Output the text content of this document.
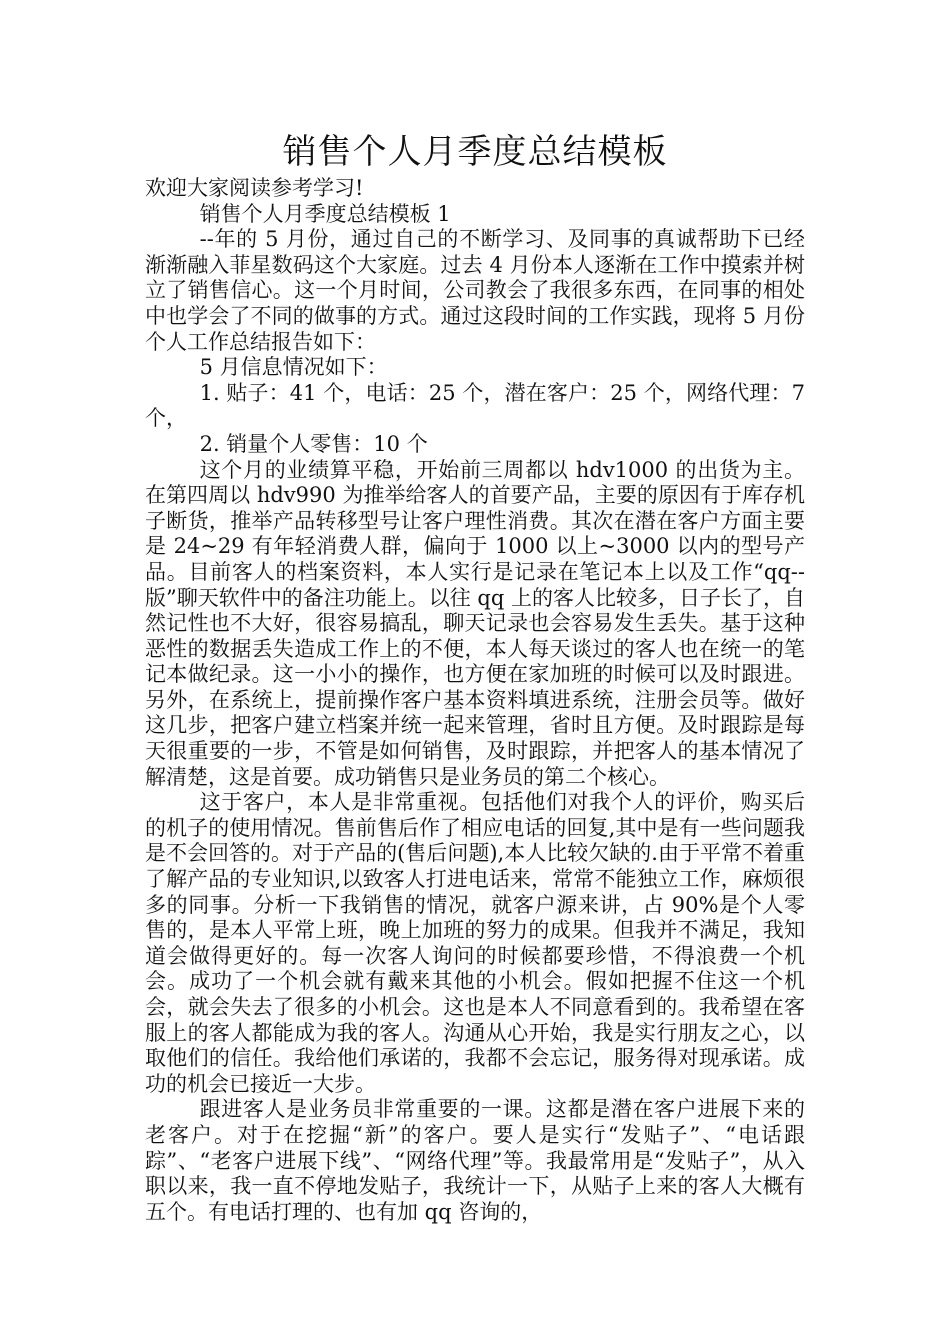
销售个人月季度总结模板

欢迎大家阅读参考学习!

销售个人月季度总结模板 1

--年的 5 月份，通过自己的不断学习、及同事的真诚帮助下已经渐渐融入菲星数码这个大家庭。过去 4 月份本人逐渐在工作中摸索并树立了销售信心。这一个月时间，公司教会了我很多东西，在同事的相处中也学会了不同的做事的方式。通过这段时间的工作实践，现将 5 月份个人工作总结报告如下：

5 月信息情况如下：

1. 贴子：41 个，电话：25 个，潜在客户：25 个，网络代理：7 个，

2. 销量个人零售：10 个

这个月的业绩算平稳，开始前三周都以 hdv1000 的出货为主。在第四周以 hdv990 为推举给客人的首要产品，主要的原因有于库存机子断货，推举产品转移型号让客户理性消费。其次在潜在客户方面主要是 24~29 有年轻消费人群，偏向于 1000 以上~3000 以内的型号产品。目前客人的档案资料，本人实行是记录在笔记本上以及工作“qq--版”聊天软件中的备注功能上。以往 qq 上的客人比较多，日子长了，自然记性也不大好，很容易搞乱，聊天记录也会容易发生丢失。基于这种恶性的数据丢失造成工作上的不便，本人每天谈过的客人也在统一的笔记本做纪录。这一小小的操作，也方便在家加班的时候可以及时跟进。另外，在系统上，提前操作客户基本资料填进系统，注册会员等。做好这几步，把客户建立档案并统一起来管理，省时且方便。及时跟踪是每天很重要的一步，不管是如何销售，及时跟踪，并把客人的基本情况了解清楚，这是首要。成功销售只是业务员的第二个核心。

这于客户，本人是非常重视。包括他们对我个人的评价，购买后的机子的使用情况。售前售后作了相应电话的回复,其中是有一些问题我是不会回答的。对于产品的(售后问题),本人比较欠缺的.由于平常不着重了解产品的专业知识,以致客人打进电话来，常常不能独立工作，麻烦很多的同事。分析一下我销售的情况，就客户源来讲，占 90%是个人零售的，是本人平常上班，晚上加班的努力的成果。但我并不满足，我知道会做得更好的。每一次客人询问的时候都要珍惜，不得浪费一个机会。成功了一个机会就有戴来其他的小机会。假如把握不住这一个机会，就会失去了很多的小机会。这也是本人不同意看到的。我希望在客服上的客人都能成为我的客人。沟通从心开始，我是实行朋友之心，以取他们的信任。我给他们承诺的，我都不会忘记，服务得对现承诺。成功的机会已接近一大步。

跟进客人是业务员非常重要的一课。这都是潜在客户进展下来的老客户。对于在挖掘“新”的客户。要人是实行“发贴子”、“电话跟踪”、“老客户进展下线”、“网络代理”等。我最常用是“发贴子”，从入职以来，我一直不停地发贴子，我统计一下，从贴子上来的客人大概有五个。有电话打理的、也有加 qq 咨询的，
